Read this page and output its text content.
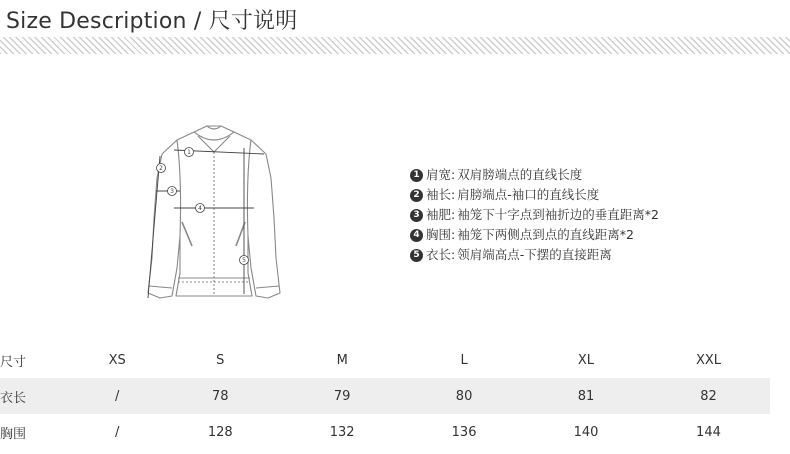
Size Description / 尺寸说明
1
2
3
4
5
1 肩宽 : 双肩膀端点的直线长度
2 袖长 : 肩膀端点-袖口的直线长度
3 袖肥 : 袖笼下十字点到袖折边的垂直距离*2
4 胸围 : 袖笼下两侧点到点的直线距离*2
5 衣长 : 领肩端高点-下摆的直接距离
尺寸	XS	S	M	L	XL	XXL
衣长	/	78	79	80	81	82
胸围	/	128	132	136	140	144
